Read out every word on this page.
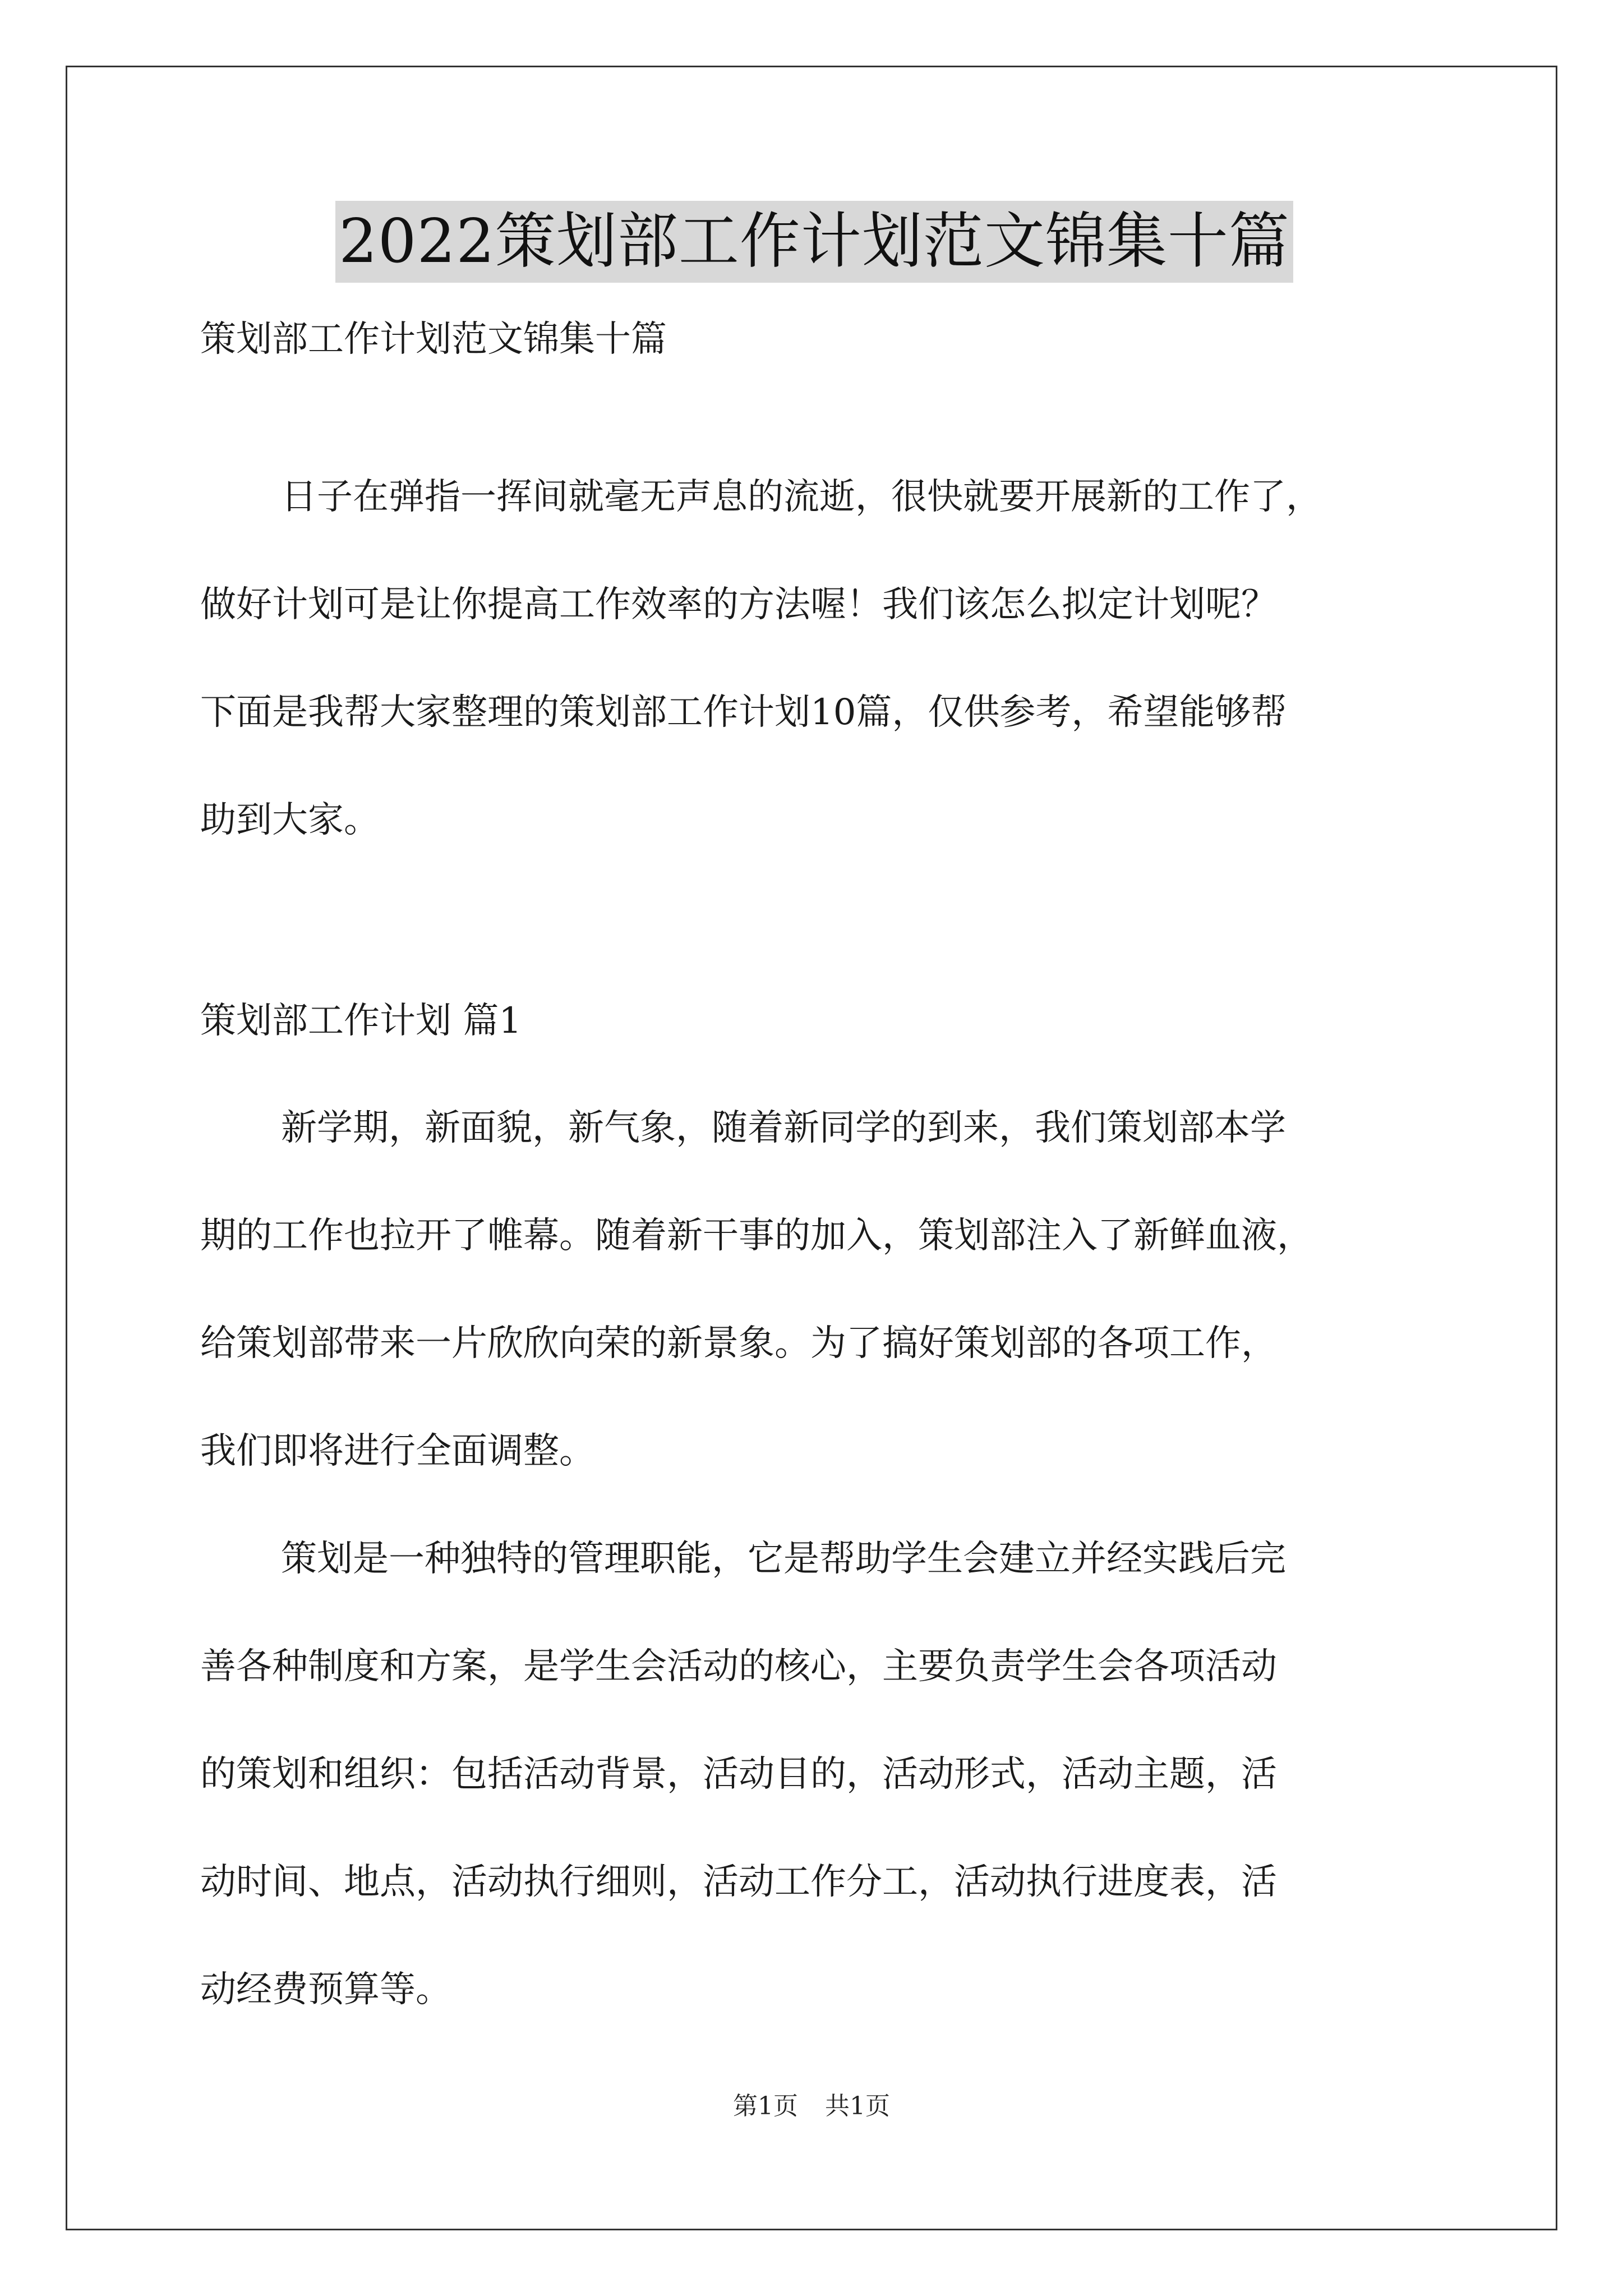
2022策划部工作计划范文锦集十篇
策划部工作计划范文锦集十篇
日子在弹指一挥间就毫无声息的流逝，很快就要开展新的工作了，
做好计划可是让你提高工作效率的方法喔！我们该怎么拟定计划呢？
下面是我帮大家整理的策划部工作计划10篇，仅供参考，希望能够帮
助到大家。
策划部工作计划 篇1
新学期，新面貌，新气象，随着新同学的到来，我们策划部本学
期的工作也拉开了帷幕。随着新干事的加入，策划部注入了新鲜血液，
给策划部带来一片欣欣向荣的新景象。为了搞好策划部的各项工作，
我们即将进行全面调整。
策划是一种独特的管理职能，它是帮助学生会建立并经实践后完
善各种制度和方案，是学生会活动的核心，主要负责学生会各项活动
的策划和组织：包括活动背景，活动目的，活动形式，活动主题，活
动时间、地点，活动执行细则，活动工作分工，活动执行进度表，活
动经费预算等。
第1页 共1页
